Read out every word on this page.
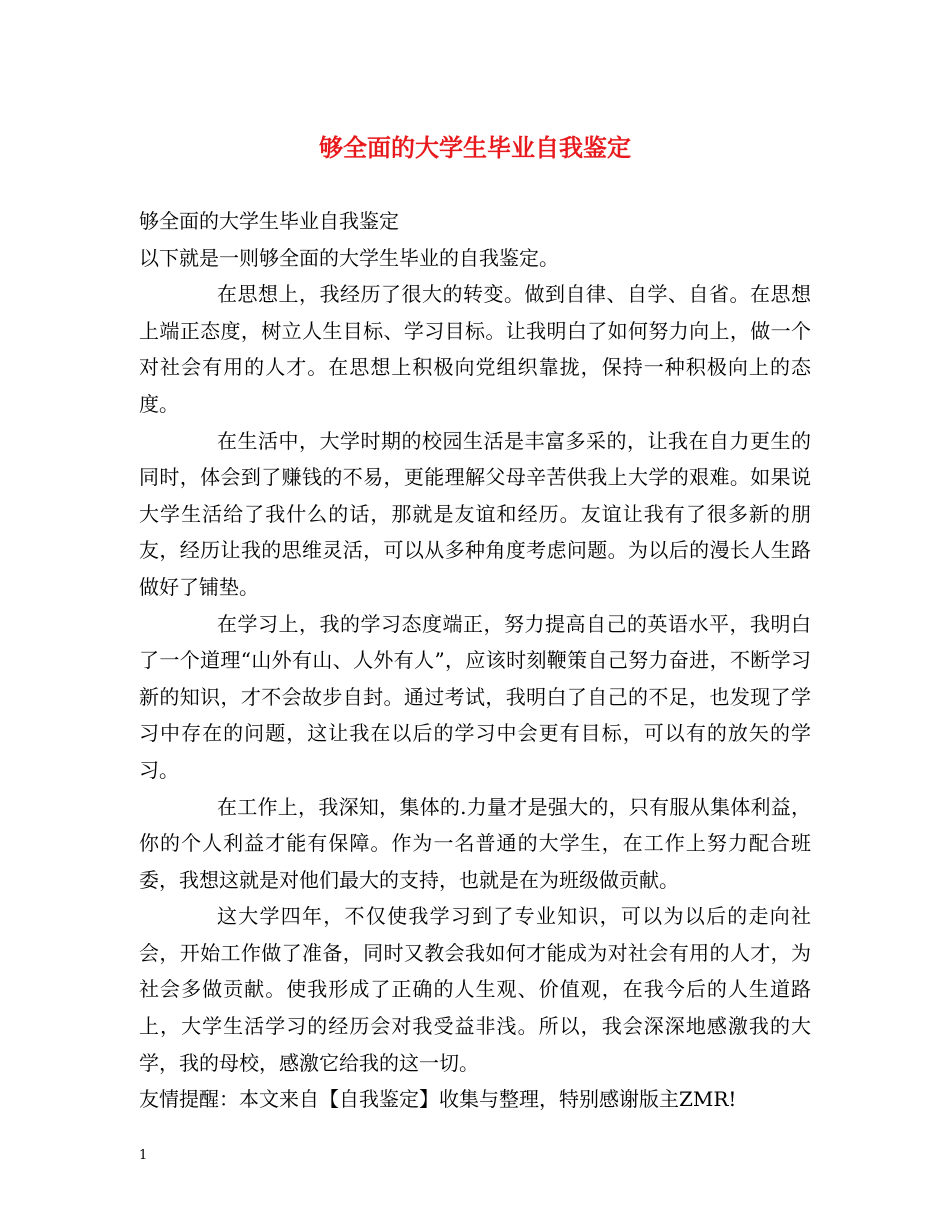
够全面的大学生毕业自我鉴定

够全面的大学生毕业自我鉴定

以下就是一则够全面的大学生毕业的自我鉴定。

在思想上，我经历了很大的转变。做到自律、自学、自省。在思想上端正态度，树立人生目标、学习目标。让我明白了如何努力向上，做一个对社会有用的人才。在思想上积极向党组织靠拢，保持一种积极向上的态度。

在生活中，大学时期的校园生活是丰富多采的，让我在自力更生的同时，体会到了赚钱的不易，更能理解父母辛苦供我上大学的艰难。如果说大学生活给了我什么的话，那就是友谊和经历。友谊让我有了很多新的朋友，经历让我的思维灵活，可以从多种角度考虑问题。为以后的漫长人生路做好了铺垫。

在学习上，我的学习态度端正，努力提高自己的英语水平，我明白了一个道理“山外有山、人外有人”，应该时刻鞭策自己努力奋进，不断学习新的知识，才不会故步自封。通过考试，我明白了自己的不足，也发现了学习中存在的问题，这让我在以后的学习中会更有目标，可以有的放矢的学习。

在工作上，我深知，集体的.力量才是强大的，只有服从集体利益，你的个人利益才能有保障。作为一名普通的大学生，在工作上努力配合班委，我想这就是对他们最大的支持，也就是在为班级做贡献。

这大学四年，不仅使我学习到了专业知识，可以为以后的走向社会，开始工作做了准备，同时又教会我如何才能成为对社会有用的人才，为社会多做贡献。使我形成了正确的人生观、价值观，在我今后的人生道路上，大学生活学习的经历会对我受益非浅。所以，我会深深地感激我的大学，我的母校，感激它给我的这一切。

友情提醒：本文来自【自我鉴定】收集与整理，特别感谢版主ZMR!

1
